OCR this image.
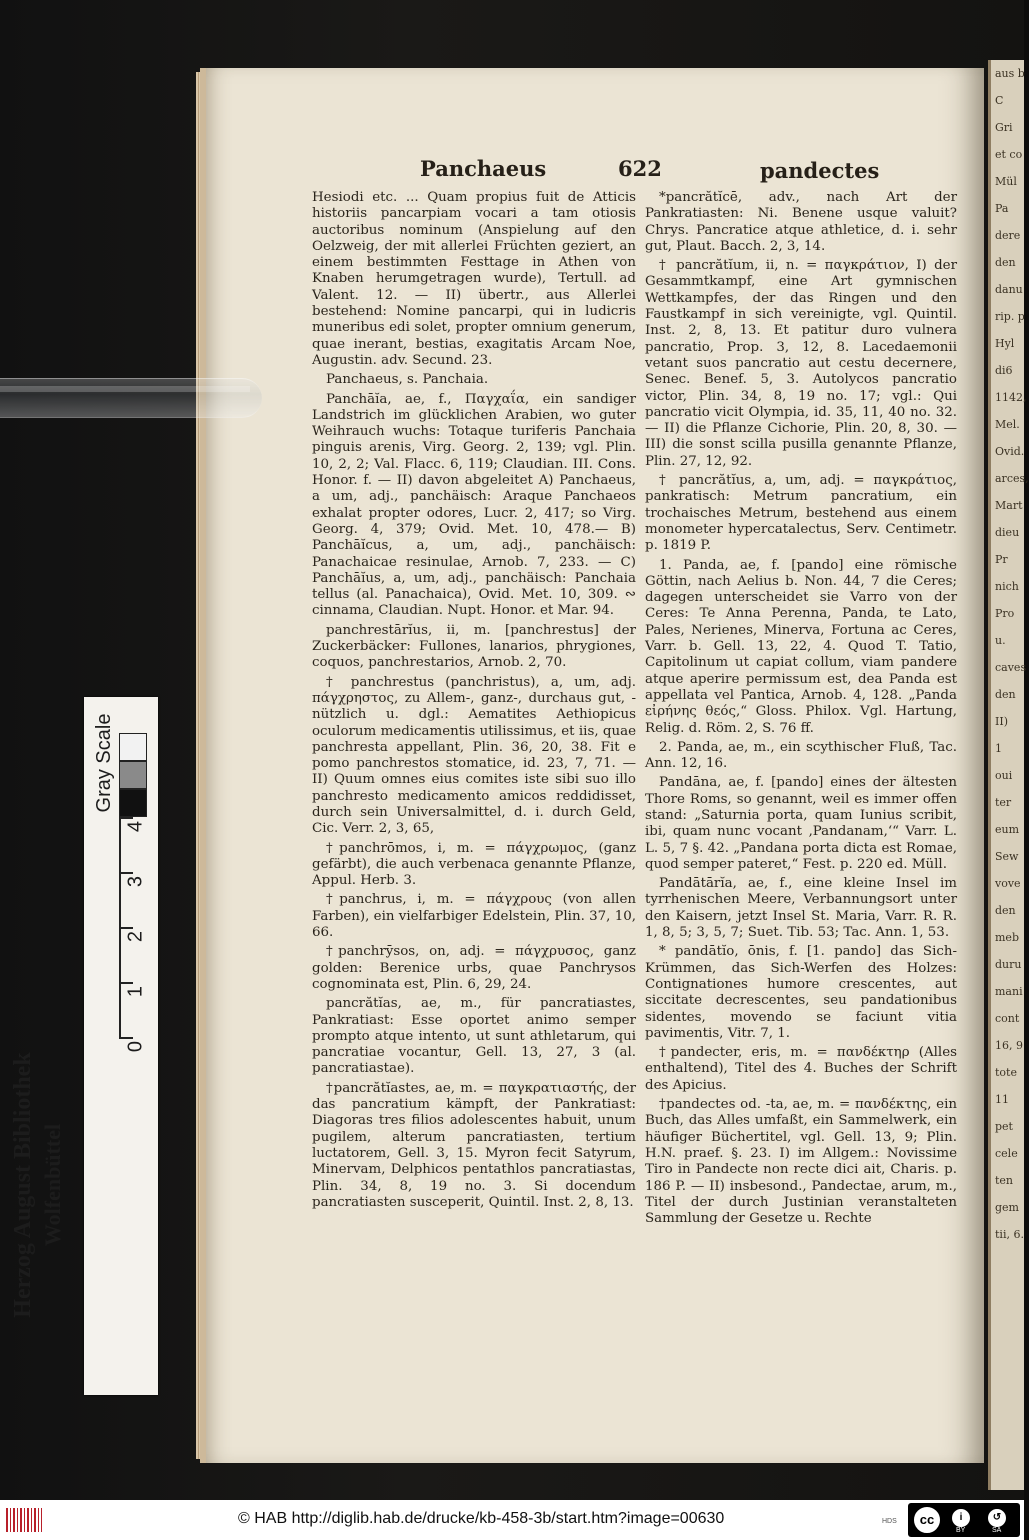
aus b
C
Gri
et co
Mül
Pa
dere
den
danu
rip. p
Hyl
di6
1142,
Mel.
Ovid.
arces,
Mart
dieu
Pr
nich
Pro
u.
caves
den
II)
1
oui
ter
eum
Sew
vove
den
meb
duru
mani
cont
16, 9
tote
11
pet
cele
ten
gem
tii, 6.
Panchaeus	622	pandectes

Hesiodi etc. ... Quam propius fuit de Atticis historiis pancarpiam vocari a tam otiosis auctoribus nominum (Anspielung auf den Oelzweig, der mit allerlei Früchten geziert, an einem bestimmten Festtage in Athen von Knaben herumgetragen wurde), Tertull. ad Valent. 12. — II) übertr., aus Allerlei bestehend: Nomine pancarpi, qui in ludicris muneribus edi solet, propter omnium generum, quae inerant, bestias, exagitatis Arcam Noe, Augustin. adv. Secund. 23.

Panchaeus, s. Panchaia.

Panchāĭa, ae, f., Παγχαΐα, ein sandiger Landstrich im glücklichen Arabien, wo guter Weihrauch wuchs: Totaque turiferis Panchaia pinguis arenis, Virg. Georg. 2, 139; vgl. Plin. 10, 2, 2; Val. Flacc. 6, 119; Claudian. III. Cons. Honor. f. — II) davon abgeleitet A) Panchaeus, a um, adj., panchäisch: Araque Panchaeos exhalat propter odores, Lucr. 2, 417; so Virg. Georg. 4, 379; Ovid. Met. 10, 478.— B) Panchāĭcus, a, um, adj., panchäisch: Panachaicae resinulae, Arnob. 7, 233. — C) Panchāĭus, a, um, adj., panchäisch: Panchaia tellus (al. Panachaica), Ovid. Met. 10, 309. ∾ cinnama, Claudian. Nupt. Honor. et Mar. 94.

panchrestārĭus, ii, m. [panchrestus] der Zuckerbäcker: Fullones, lanarios, phrygiones, coquos, panchrestarios, Arnob. 2, 70.

† panchrestus (panchristus), a, um, adj. πάγχρηστος, zu Allem-, ganz-, durchaus gut, -nützlich u. dgl.: Aematites Aethiopicus oculorum medicamentis utilissimus, et iis, quae panchresta appellant, Plin. 36, 20, 38. Fit e pomo panchrestos stomatice, id. 23, 7, 71. — II) Quum omnes eius comites iste sibi suo illo panchresto medicamento amicos reddidisset, durch sein Universalmittel, d. i. durch Geld, Cic. Verr. 2, 3, 65,

†panchrōmos, i, m. = πάγχρωμος, (ganz gefärbt), die auch verbenaca genannte Pflanze, Appul. Herb. 3.

†panchrus, i, m. = πάγχρους (von allen Farben), ein vielfarbiger Edelstein, Plin. 37, 10, 66.

†panchrȳsos, on, adj. = πάγχρυσος, ganz golden: Berenice urbs, quae Panchrysos cognominata est, Plin. 6, 29, 24.

pancrătĭas, ae, m., für pancratiastes, Pankratiast: Esse oportet animo semper prompto atque intento, ut sunt athletarum, qui pancratiae vocantur, Gell. 13, 27, 3 (al. pancratiastae).

†pancrătĭastes, ae, m. = παγκρατιαστής, der das pancratium kämpft, der Pankratiast: Diagoras tres filios adolescentes habuit, unum pugilem, alterum pancratiasten, tertium luctatorem, Gell. 3, 15. Myron fecit Satyrum, Minervam, Delphicos pentathlos pancratiastas, Plin. 34, 8, 19 no. 3. Si docendum pancratiasten susceperit, Quintil. Inst. 2, 8, 13.

*pancrătĭcē, adv., nach Art der Pankratiasten: Ni. Benene usque valuit? Chrys. Pancratice atque athletice, d. i. sehr gut, Plaut. Bacch. 2, 3, 14.

† pancrătĭum, ii, n. = παγκράτιον, I) der Gesammtkampf, eine Art gymnischen Wettkampfes, der das Ringen und den Faustkampf in sich vereinigte, vgl. Quintil. Inst. 2, 8, 13. Et patitur duro vulnera pancratio, Prop. 3, 12, 8. Lacedaemonii vetant suos pancratio aut cestu decernere, Senec. Benef. 5, 3. Autolycos pancratio victor, Plin. 34, 8, 19 no. 17; vgl.: Qui pancratio vicit Olympia, id. 35, 11, 40 no. 32. — II) die Pflanze Cichorie, Plin. 20, 8, 30. — III) die sonst scilla pusilla genannte Pflanze, Plin. 27, 12, 92.

† pancrătĭus, a, um, adj. = παγκράτιος, pankratisch: Metrum pancratium, ein trochaisches Metrum, bestehend aus einem monometer hypercatalectus, Serv. Centimetr. p. 1819 P.

1. Panda, ae, f. [pando] eine römische Göttin, nach Aelius b. Non. 44, 7 die Ceres; dagegen unterscheidet sie Varro von der Ceres: Te Anna Perenna, Panda, te Lato, Pales, Nerienes, Minerva, Fortuna ac Ceres, Varr. b. Gell. 13, 22, 4. Quod T. Tatio, Capitolinum ut capiat collum, viam pandere atque aperire permissum est, dea Panda est appellata vel Pantica, Arnob. 4, 128. „Panda εἰρήνης θεός,“ Gloss. Philox. Vgl. Hartung, Relig. d. Röm. 2, S. 76 ff.

2. Panda, ae, m., ein scythischer Fluß, Tac. Ann. 12, 16.

Pandāna, ae, f. [pando] eines der ältesten Thore Roms, so genannt, weil es immer offen stand: „Saturnia porta, quam Iunius scribit, ibi, quam nunc vocant ‚Pandanam,‘“ Varr. L. L. 5, 7 §. 42. „Pandana porta dicta est Romae, quod semper pateret,“ Fest. p. 220 ed. Müll.

Pandātārĭa, ae, f., eine kleine Insel im tyrrhenischen Meere, Verbannungsort unter den Kaisern, jetzt Insel St. Maria, Varr. R. R. 1, 8, 5; 3, 5, 7; Suet. Tib. 53; Tac. Ann. 1, 53.

* pandātĭo, ōnis, f. [1. pando] das Sich-Krümmen, das Sich-Werfen des Holzes: Contignationes humore crescentes, aut siccitate decrescentes, seu pandationibus sidentes, movendo se faciunt vitia pavimentis, Vitr. 7, 1.

†pandecter, eris, m. = πανδέκτηρ (Alles enthaltend), Titel des 4. Buches der Schrift des Apicius.

†pandectes od. -ta, ae, m. = πανδέκτης, ein Buch, das Alles umfaßt, ein Sammelwerk, ein häufiger Büchertitel, vgl. Gell. 13, 9; Plin. H.N. praef. §. 23. I) im Allgem.: Novissime Tiro in Pandecte non recte dici ait, Charis. p. 186 P. — II) insbesond., Pandectae, arum, m., Titel der durch Justinian veranstalteten Sammlung der Gesetze u. Rechte

Herzog August Bibliothek Wolfenbüttel
Gray Scale
0
1
2
3
4
© HAB http://diglib.hab.de/drucke/kb-458-3b/start.htm?image=00630	HDS	cc	i	↺
BY	SA
